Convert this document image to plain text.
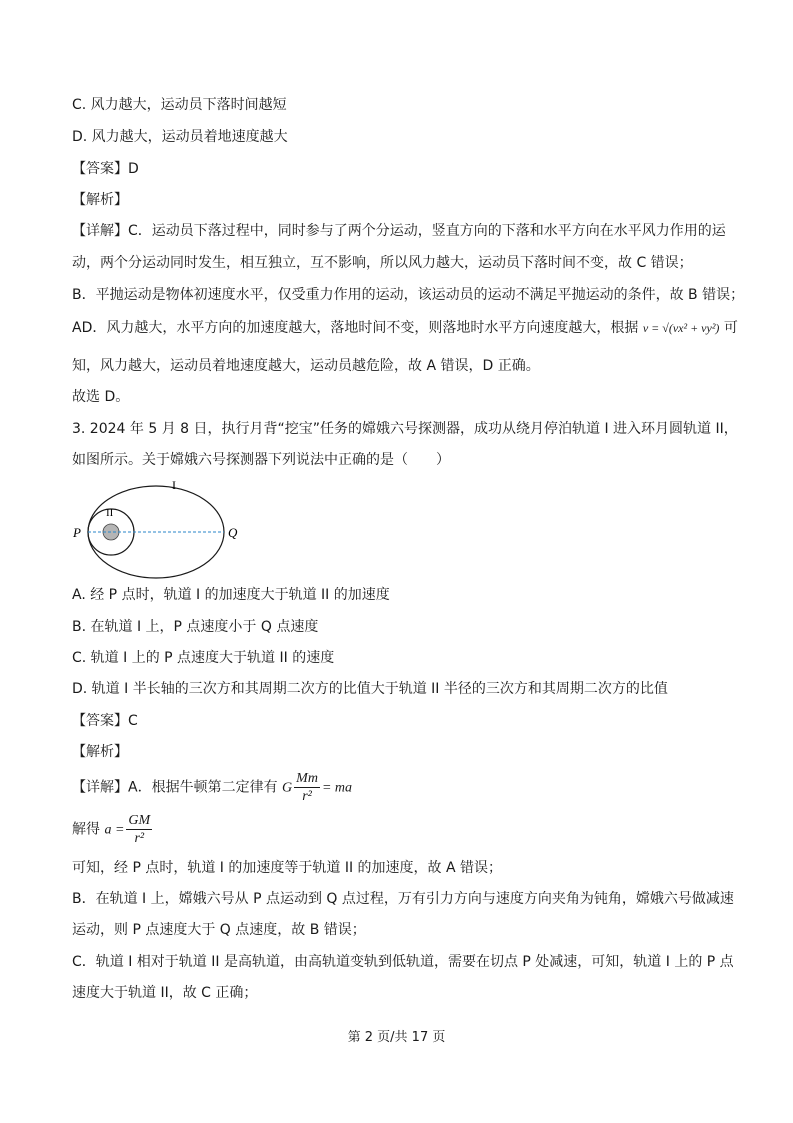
C. 风力越大，运动员下落时间越短
D. 风力越大，运动员着地速度越大
【答案】D
【解析】
【详解】C．运动员下落过程中，同时参与了两个分运动，竖直方向的下落和水平方向在水平风力作用的运
动，两个分运动同时发生，相互独立，互不影响，所以风力越大，运动员下落时间不变，故 C 错误；
B．平抛运动是物体初速度水平，仅受重力作用的运动，该运动员的运动不满足平抛运动的条件，故 B 错误；
AD．风力越大，水平方向的加速度越大，落地时间不变，则落地时水平方向速度越大，根据 v = √(vx² + vy²) 可
知，风力越大，运动员着地速度越大，运动员越危险，故 A 错误，D 正确。
故选 D。
3. 2024 年 5 月 8 日，执行月背“挖宝”任务的嫦娥六号探测器，成功从绕月停泊轨道 I 进入环月圆轨道 II，
如图所示。关于嫦娥六号探测器下列说法中正确的是（　　）
P	Q
I
II
A. 经 P 点时，轨道 I 的加速度大于轨道 II 的加速度
B. 在轨道 I 上，P 点速度小于 Q 点速度
C. 轨道 I 上的 P 点速度大于轨道 II 的速度
D. 轨道 I 半长轴的三次方和其周期二次方的比值大于轨道 II 半径的三次方和其周期二次方的比值
【答案】C
【解析】
【详解】A．根据牛顿第二定律有 G $\frac{Mm}{\text{r²}}$ = ma
解得 $a = \frac{GM}{\text{r²}}$
可知，经 P 点时，轨道 I 的加速度等于轨道 II 的加速度，故 A 错误；
B．在轨道 I 上，嫦娥六号从 P 点运动到 Q 点过程，万有引力方向与速度方向夹角为钝角，嫦娥六号做减速
运动，则 P 点速度大于 Q 点速度，故 B 错误；
C．轨道 I 相对于轨道 II 是高轨道，由高轨道变轨到低轨道，需要在切点 P 处减速，可知，轨道 I 上的 P 点
速度大于轨道 II，故 C 正确；
第 2 页/共 17 页
